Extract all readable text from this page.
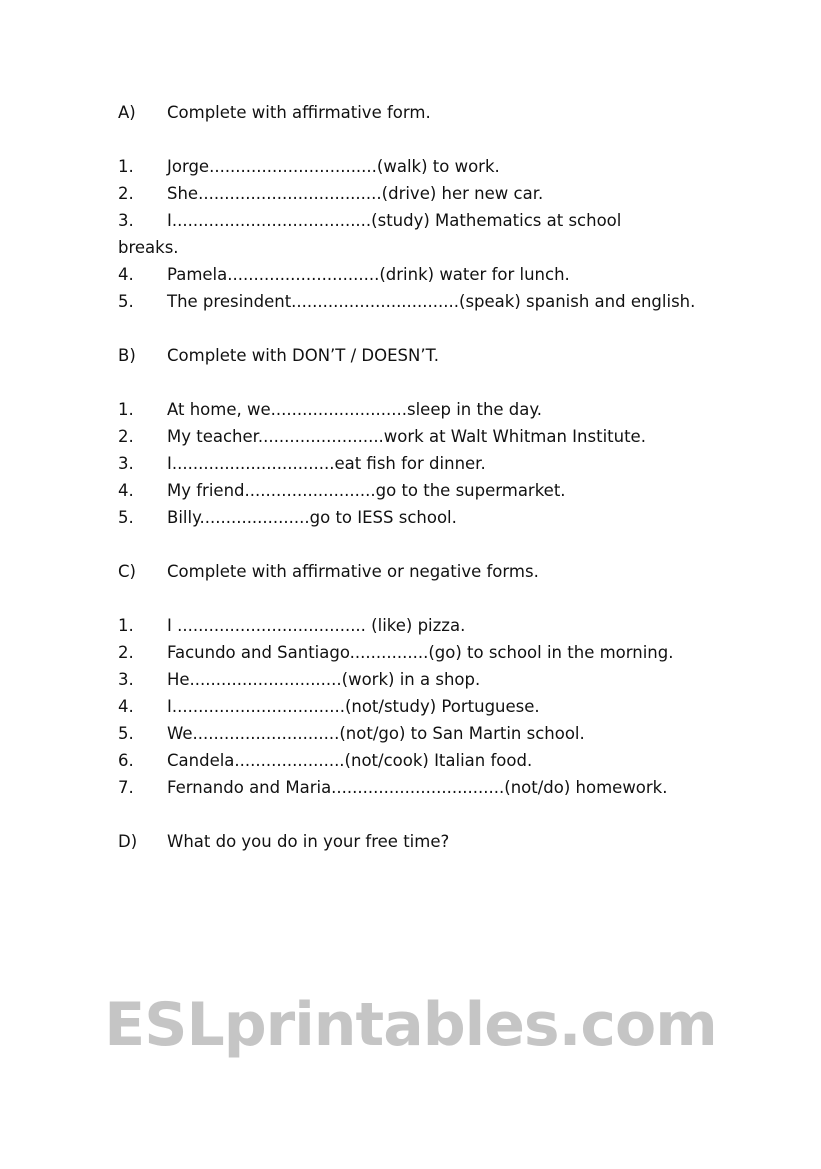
A) Complete with affirmative form.
1. Jorge................................(walk) to work.
2. She...................................(drive) her new car.
3. I......................................(study) Mathematics at school
breaks.
4. Pamela.............................(drink) water for lunch.
5. The presindent................................(speak) spanish and english.
B) Complete with DON’T / DOESN’T.
1. At home, we..........................sleep in the day.
2. My teacher........................work at Walt Whitman Institute.
3. I...............................eat fish for dinner.
4. My friend.........................go to the supermarket.
5. Billy.....................go to IESS school.
C) Complete with affirmative or negative forms.
1. I .................................... (like) pizza.
2. Facundo and Santiago...............(go) to school in the morning.
3. He.............................(work) in a shop.
4. I.................................(not/study) Portuguese.
5. We............................(not/go) to San Martin school.
6. Candela.....................(not/cook) Italian food.
7. Fernando and Maria.................................(not/do) homework.
D) What do you do in your free time?
ESLprintables.com
